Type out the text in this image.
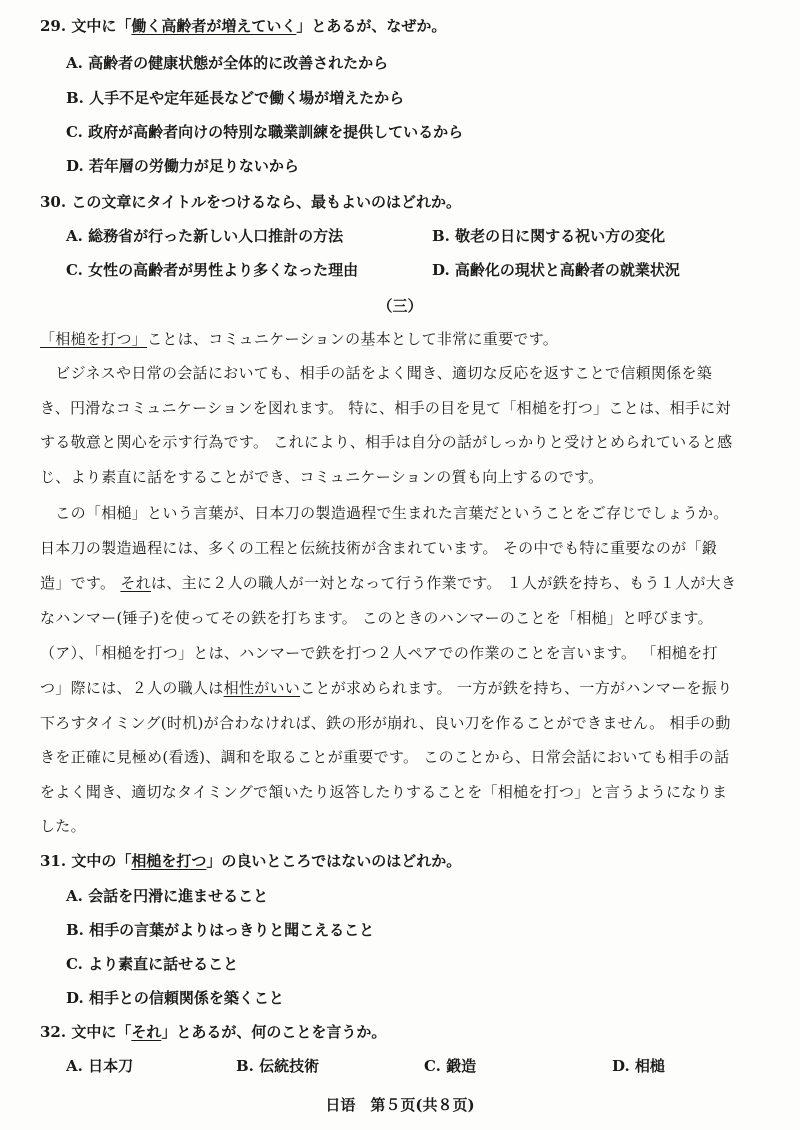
29. 文中に「働く高齢者が増えていく」とあるが、なぜか。
A. 高齢者の健康状態が全体的に改善されたから
B. 人手不足や定年延長などで働く場が増えたから
C. 政府が高齢者向けの特別な職業訓練を提供しているから
D. 若年層の労働力が足りないから
30. この文章にタイトルをつけるなら、最もよいのはどれか。
A. 総務省が行った新しい人口推計の方法	B. 敬老の日に関する祝い方の変化
C. 女性の高齢者が男性より多くなった理由	D. 高齢化の現状と高齢者の就業状況
（三）
「相槌を打つ」ことは、コミュニケーションの基本として非常に重要です。
　ビジネスや日常の会話においても、相手の話をよく聞き、適切な反応を返すことで信頼関係を築
き、円滑なコミュニケーションを図れます。 特に、相手の目を見て「相槌を打つ」ことは、相手に対
する敬意と関心を示す行為です。 これにより、相手は自分の話がしっかりと受けとめられていると感
じ、より素直に話をすることができ、コミュニケーションの質も向上するのです。
　この「相槌」という言葉が、日本刀の製造過程で生まれた言葉だということをご存じでしょうか。
日本刀の製造過程には、多くの工程と伝統技術が含まれています。 その中でも特に重要なのが「鍛
造」です。 それは、主に２人の職人が一対となって行う作業です。 １人が鉄を持ち、もう１人が大き
なハンマー(锤子)を使ってその鉄を打ちます。 このときのハンマーのことを「相槌」と呼びます。
（ア）、「相槌を打つ」とは、ハンマーで鉄を打つ２人ペアでの作業のことを言います。 「相槌を打
つ」際には、２人の職人は相性がいいことが求められます。 一方が鉄を持ち、一方がハンマーを振り
下ろすタイミング(时机)が合わなければ、鉄の形が崩れ、良い刀を作ることができません。 相手の動
きを正確に見極め(看透)、調和を取ることが重要です。 このことから、日常会話においても相手の話
をよく聞き、適切なタイミングで頷いたり返答したりすることを「相槌を打つ」と言うようになりま
した。
31. 文中の「相槌を打つ」の良いところではないのはどれか。
A. 会話を円滑に進ませること
B. 相手の言葉がよりはっきりと聞こえること
C. より素直に話せること
D. 相手との信頼関係を築くこと
32. 文中に「それ」とあるが、何のことを言うか。
A. 日本刀	B. 伝統技術	C. 鍛造	D. 相槌
日语　第５页(共８页)
